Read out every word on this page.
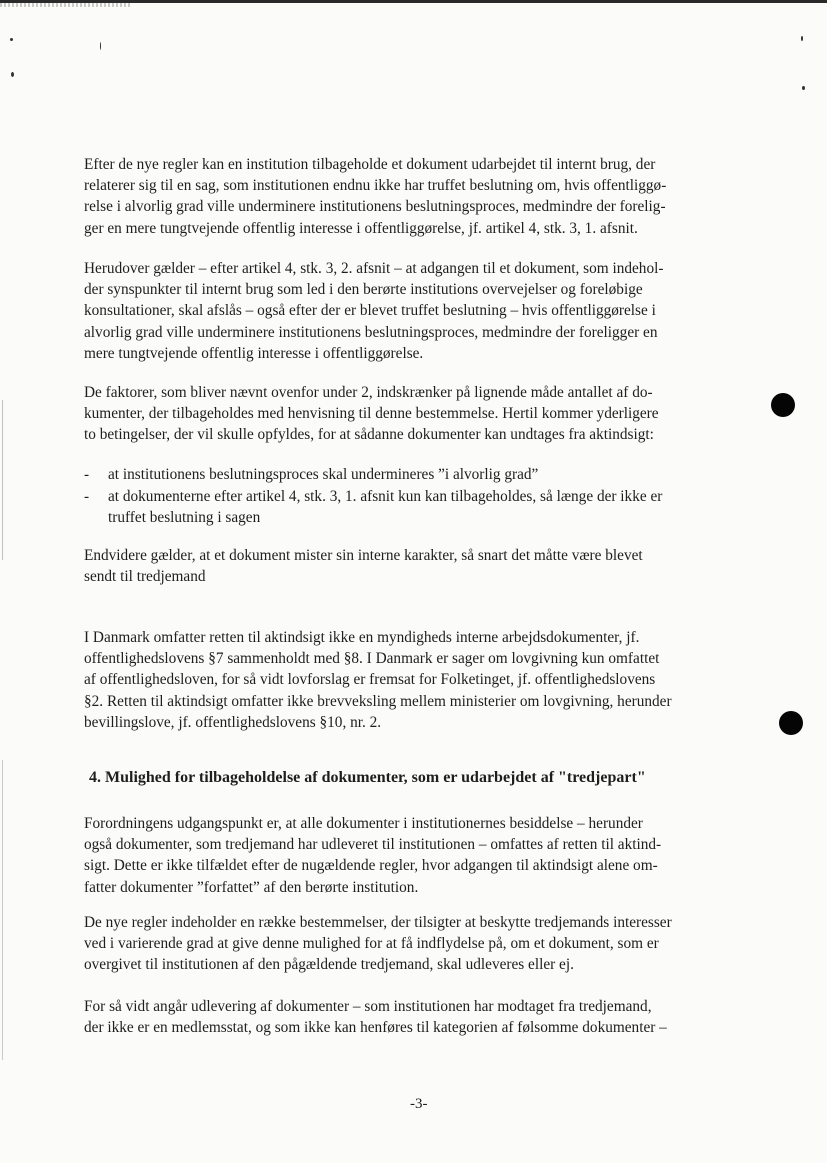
Efter de nye regler kan en institution tilbageholde et dokument udarbejdet til internt brug, der
relaterer sig til en sag, som institutionen endnu ikke har truffet beslutning om, hvis offentliggø-
relse i alvorlig grad ville underminere institutionens beslutningsproces, medmindre der forelig-
ger en mere tungtvejende offentlig interesse i offentliggørelse, jf. artikel 4, stk. 3, 1. afsnit.
Herudover gælder – efter artikel 4, stk. 3, 2. afsnit – at adgangen til et dokument, som indehol-
der synspunkter til internt brug som led i den berørte institutions overvejelser og foreløbige
konsultationer, skal afslås – også efter der er blevet truffet beslutning – hvis offentliggørelse i
alvorlig grad ville underminere institutionens beslutningsproces, medmindre der foreligger en
mere tungtvejende offentlig interesse i offentliggørelse.
De faktorer, som bliver nævnt ovenfor under 2, indskrænker på lignende måde antallet af do-
kumenter, der tilbageholdes med henvisning til denne bestemmelse. Hertil kommer yderligere
to betingelser, der vil skulle opfyldes, for at sådanne dokumenter kan undtages fra aktindsigt:
- at institutionens beslutningsproces skal undermineres ”i alvorlig grad”
- at dokumenterne efter artikel 4, stk. 3, 1. afsnit kun kan tilbageholdes, så længe der ikke er
truffet beslutning i sagen
Endvidere gælder, at et dokument mister sin interne karakter, så snart det måtte være blevet
sendt til tredjemand
I Danmark omfatter retten til aktindsigt ikke en myndigheds interne arbejdsdokumenter, jf.
offentlighedslovens §7 sammenholdt med §8. I Danmark er sager om lovgivning kun omfattet
af offentlighedsloven, for så vidt lovforslag er fremsat for Folketinget, jf. offentlighedslovens
§2. Retten til aktindsigt omfatter ikke brevveksling mellem ministerier om lovgivning, herunder
bevillingslove, jf. offentlighedslovens §10, nr. 2.
4. Mulighed for tilbageholdelse af dokumenter, som er udarbejdet af "tredjepart"
Forordningens udgangspunkt er, at alle dokumenter i institutionernes besiddelse – herunder
også dokumenter, som tredjemand har udleveret til institutionen – omfattes af retten til aktind-
sigt. Dette er ikke tilfældet efter de nugældende regler, hvor adgangen til aktindsigt alene om-
fatter dokumenter ”forfattet” af den berørte institution.
De nye regler indeholder en række bestemmelser, der tilsigter at beskytte tredjemands interesser
ved i varierende grad at give denne mulighed for at få indflydelse på, om et dokument, som er
overgivet til institutionen af den pågældende tredjemand, skal udleveres eller ej.
For så vidt angår udlevering af dokumenter – som institutionen har modtaget fra tredjemand,
der ikke er en medlemsstat, og som ikke kan henføres til kategorien af følsomme dokumenter –
-3-
